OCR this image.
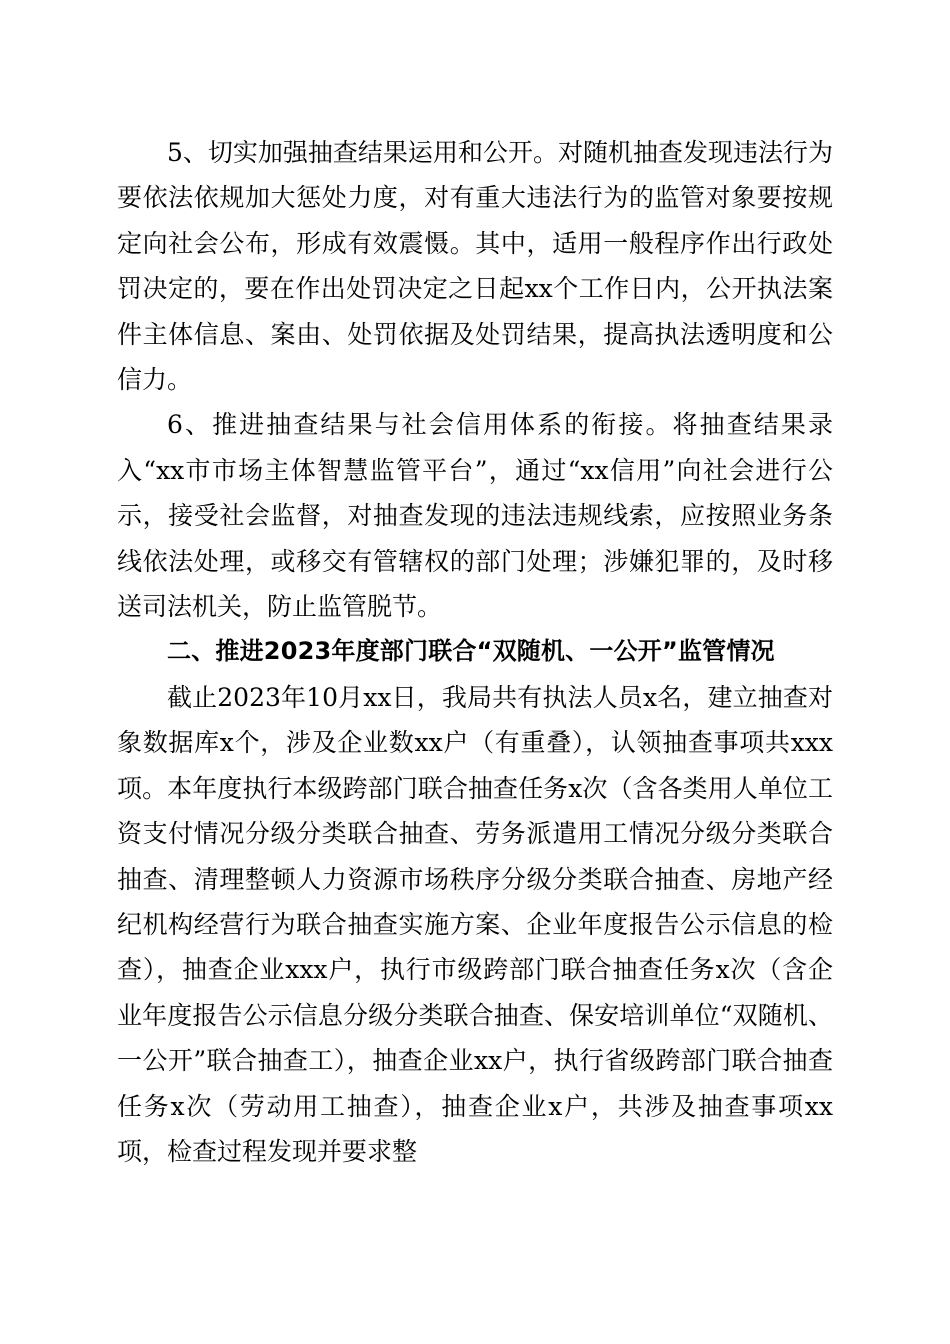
5、切实加强抽查结果运用和公开。对随机抽查发现违法行为要依法依规加大惩处力度，对有重大违法行为的监管对象要按规定向社会公布，形成有效震慑。其中，适用一般程序作出行政处罚决定的，要在作出处罚决定之日起xx个工作日内，公开执法案件主体信息、案由、处罚依据及处罚结果，提高执法透明度和公信力。

6、推进抽查结果与社会信用体系的衔接。将抽查结果录入“xx市市场主体智慧监管平台”，通过“xx信用”向社会进行公示，接受社会监督，对抽查发现的违法违规线索，应按照业务条线依法处理，或移交有管辖权的部门处理；涉嫌犯罪的，及时移送司法机关，防止监管脱节。

二、推进2023年度部门联合“双随机、一公开”监管情况

截止2023年10月xx日，我局共有执法人员x名，建立抽查对象数据库x个，涉及企业数xx户（有重叠），认领抽查事项共xxx项。本年度执行本级跨部门联合抽查任务x次（含各类用人单位工资支付情况分级分类联合抽查、劳务派遣用工情况分级分类联合抽查、清理整顿人力资源市场秩序分级分类联合抽查、房地产经纪机构经营行为联合抽查实施方案、企业年度报告公示信息的检查），抽查企业xxx户，执行市级跨部门联合抽查任务x次（含企业年度报告公示信息分级分类联合抽查、保安培训单位“双随机、一公开”联合抽查工），抽查企业xx户，执行省级跨部门联合抽查任务x次（劳动用工抽查），抽查企业x户，共涉及抽查事项xx项，检查过程发现并要求整
